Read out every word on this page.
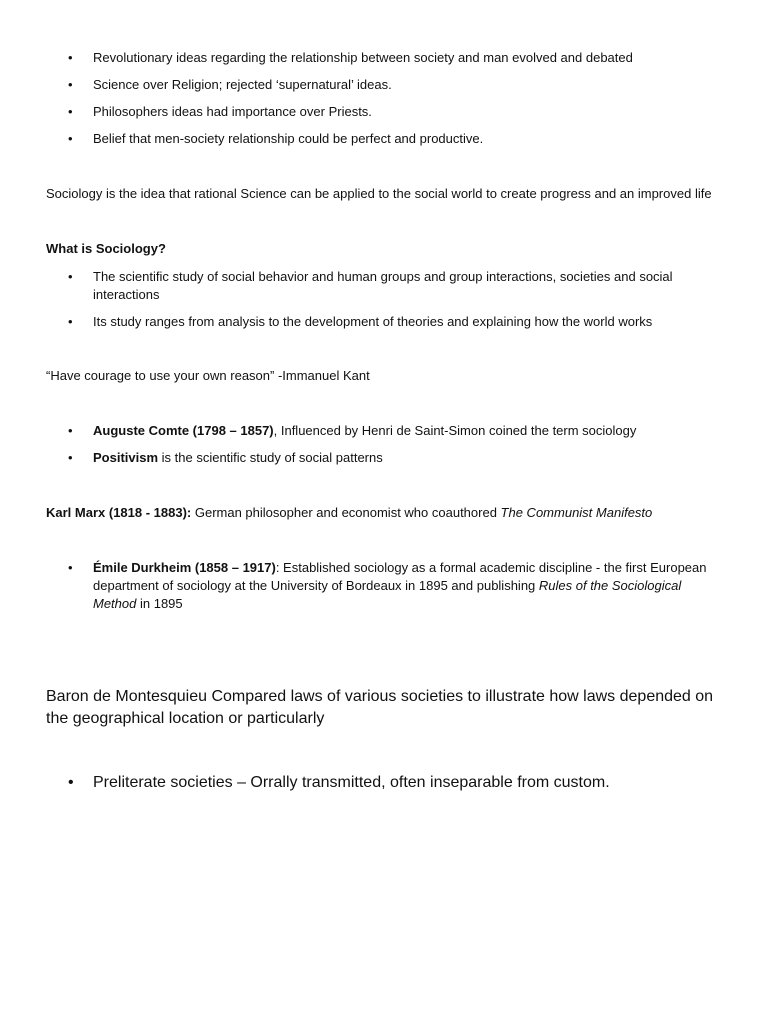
• Revolutionary ideas regarding the relationship between society and man evolved and debated
• Science over Religion; rejected ‘supernatural’ ideas.
• Philosophers ideas had importance over Priests.
• Belief that men-society relationship could be perfect and productive.

Sociology is the idea that rational Science can be applied to the social world to create progress and an improved life

What is Sociology?

• The scientific study of social behavior and human groups and group interactions, societies and social interactions
• Its study ranges from analysis to the development of theories and explaining how the world works

“Have courage to use your own reason” -Immanuel Kant

• Auguste Comte (1798 – 1857), Influenced by Henri de Saint-Simon coined the term sociology
• Positivism is the scientific study of social patterns

Karl Marx (1818 - 1883): German philosopher and economist who coauthored The Communist Manifesto

• Émile Durkheim (1858 – 1917): Established sociology as a formal academic discipline - the first European department of sociology at the University of Bordeaux in 1895 and publishing Rules of the Sociological Method in 1895

Baron de Montesquieu Compared laws of various societies to illustrate how laws depended on the geographical location or particularly

• Preliterate societies – Orrally transmitted, often inseparable from custom.
